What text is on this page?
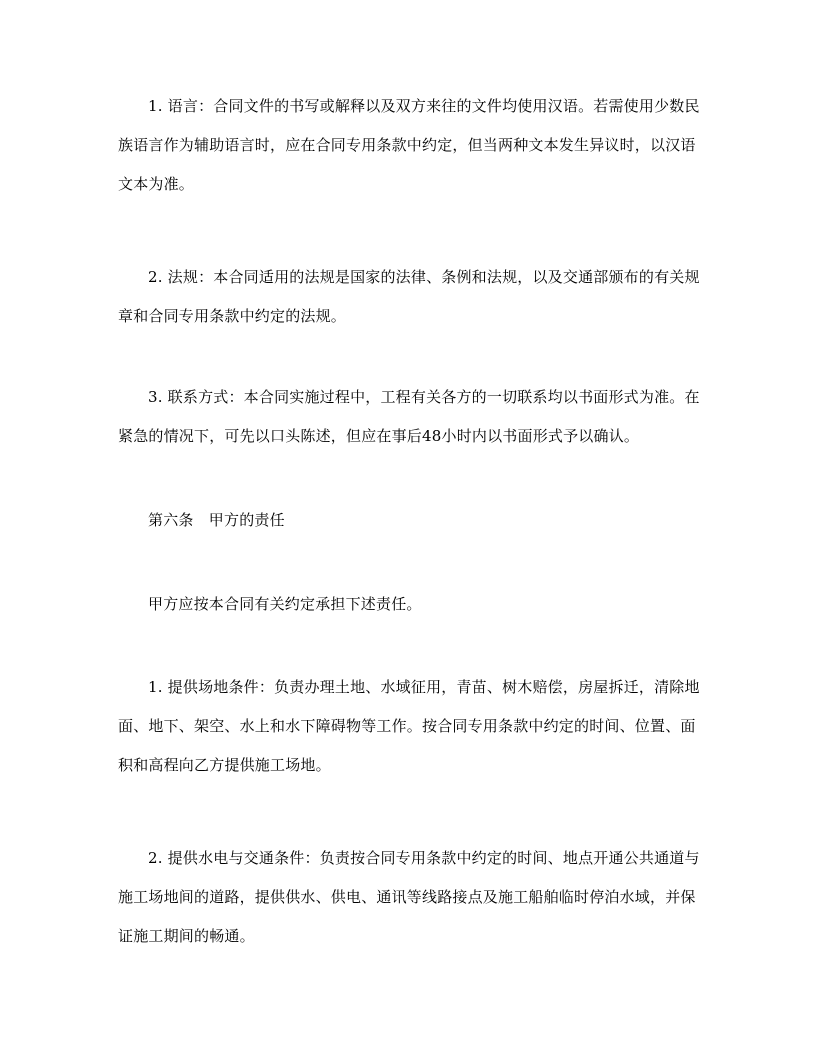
1. 语言：合同文件的书写或解释以及双方来往的文件均使用汉语。若需使用少数民族语言作为辅助语言时，应在合同专用条款中约定，但当两种文本发生异议时，以汉语文本为准。

2. 法规：本合同适用的法规是国家的法律、条例和法规，以及交通部颁布的有关规章和合同专用条款中约定的法规。

3. 联系方式：本合同实施过程中，工程有关各方的一切联系均以书面形式为准。在紧急的情况下，可先以口头陈述，但应在事后48小时内以书面形式予以确认。

第六条　甲方的责任

甲方应按本合同有关约定承担下述责任。

1. 提供场地条件：负责办理土地、水域征用，青苗、树木赔偿，房屋拆迁，清除地面、地下、架空、水上和水下障碍物等工作。按合同专用条款中约定的时间、位置、面积和高程向乙方提供施工场地。

2. 提供水电与交通条件：负责按合同专用条款中约定的时间、地点开通公共通道与施工场地间的道路，提供供水、供电、通讯等线路接点及施工船舶临时停泊水域，并保证施工期间的畅通。
